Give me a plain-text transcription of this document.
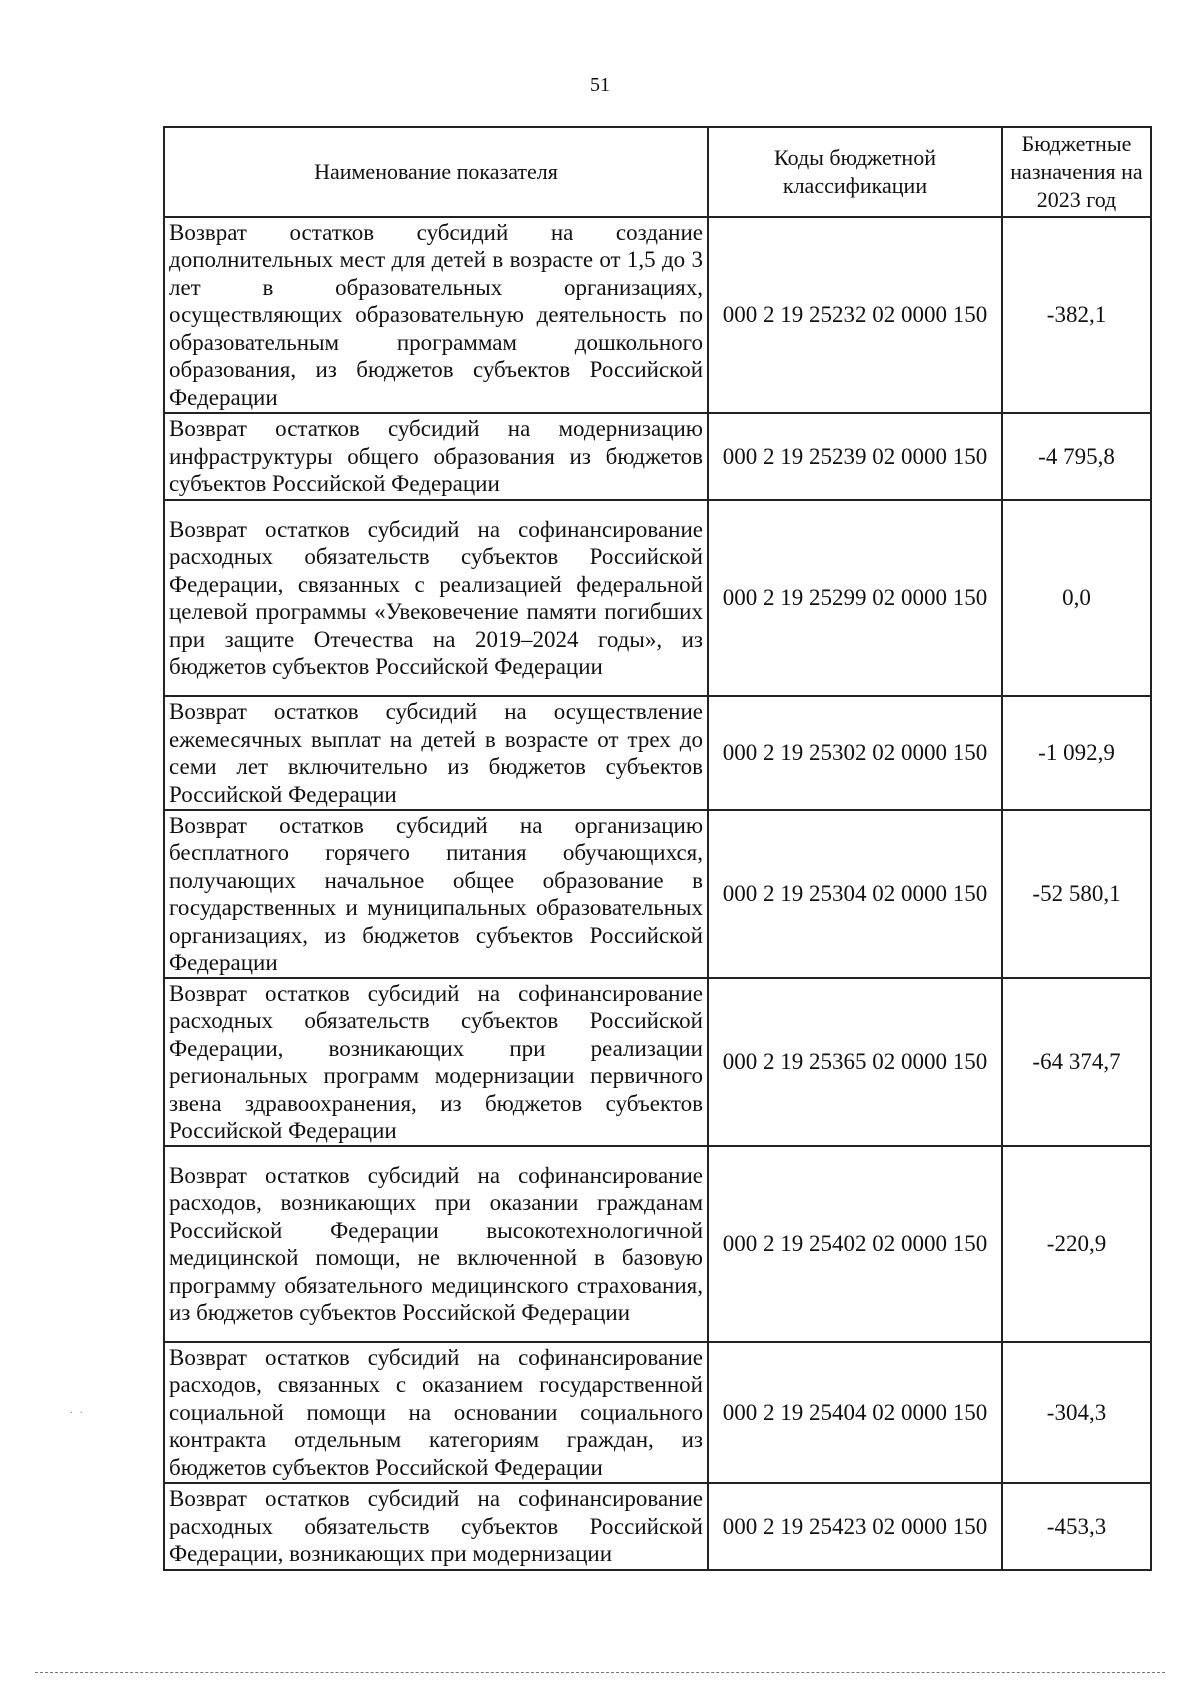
51
Наименование показателя	Коды бюджетной классификации	Бюджетные назначения на 2023 год
Возврат остатков субсидий на создание дополнительных мест для детей в возрасте от 1,5 до 3 лет в образовательных организациях, осуществляющих образовательную деятельность по образовательным программам дошкольного образования, из бюджетов субъектов Российской Федерации	000 2 19 25232 02 0000 150	-382,1
Возврат остатков субсидий на модернизацию инфраструктуры общего образования из бюджетов субъектов Российской Федерации	000 2 19 25239 02 0000 150	-4 795,8
Возврат остатков субсидий на софинансирование расходных обязательств субъектов Российской Федерации, связанных с реализацией федеральной целевой программы «Увековечение памяти погибших при защите Отечества на 2019–2024 годы», из бюджетов субъектов Российской Федерации	000 2 19 25299 02 0000 150	0,0
Возврат остатков субсидий на осуществление ежемесячных выплат на детей в возрасте от трех до семи лет включительно из бюджетов субъектов Российской Федерации	000 2 19 25302 02 0000 150	-1 092,9
Возврат остатков субсидий на организацию бесплатного горячего питания обучающихся, получающих начальное общее образование в государственных и муниципальных образовательных организациях, из бюджетов субъектов Российской Федерации	000 2 19 25304 02 0000 150	-52 580,1
Возврат остатков субсидий на софинансирование расходных обязательств субъектов Российской Федерации, возникающих при реализации региональных программ модернизации первичного звена здравоохранения, из бюджетов субъектов Российской Федерации	000 2 19 25365 02 0000 150	-64 374,7
Возврат остатков субсидий на софинансирование расходов, возникающих при оказании гражданам Российской Федерации высокотехнологичной медицинской помощи, не включенной в базовую программу обязательного медицинского страхования, из бюджетов субъектов Российской Федерации	000 2 19 25402 02 0000 150	-220,9
Возврат остатков субсидий на софинансирование расходов, связанных с оказанием государственной социальной помощи на основании социального контракта отдельным категориям граждан, из бюджетов субъектов Российской Федерации	000 2 19 25404 02 0000 150	-304,3
Возврат остатков субсидий на софинансирование расходных обязательств субъектов Российской Федерации, возникающих при модернизации	000 2 19 25423 02 0000 150	-453,3
.   .
